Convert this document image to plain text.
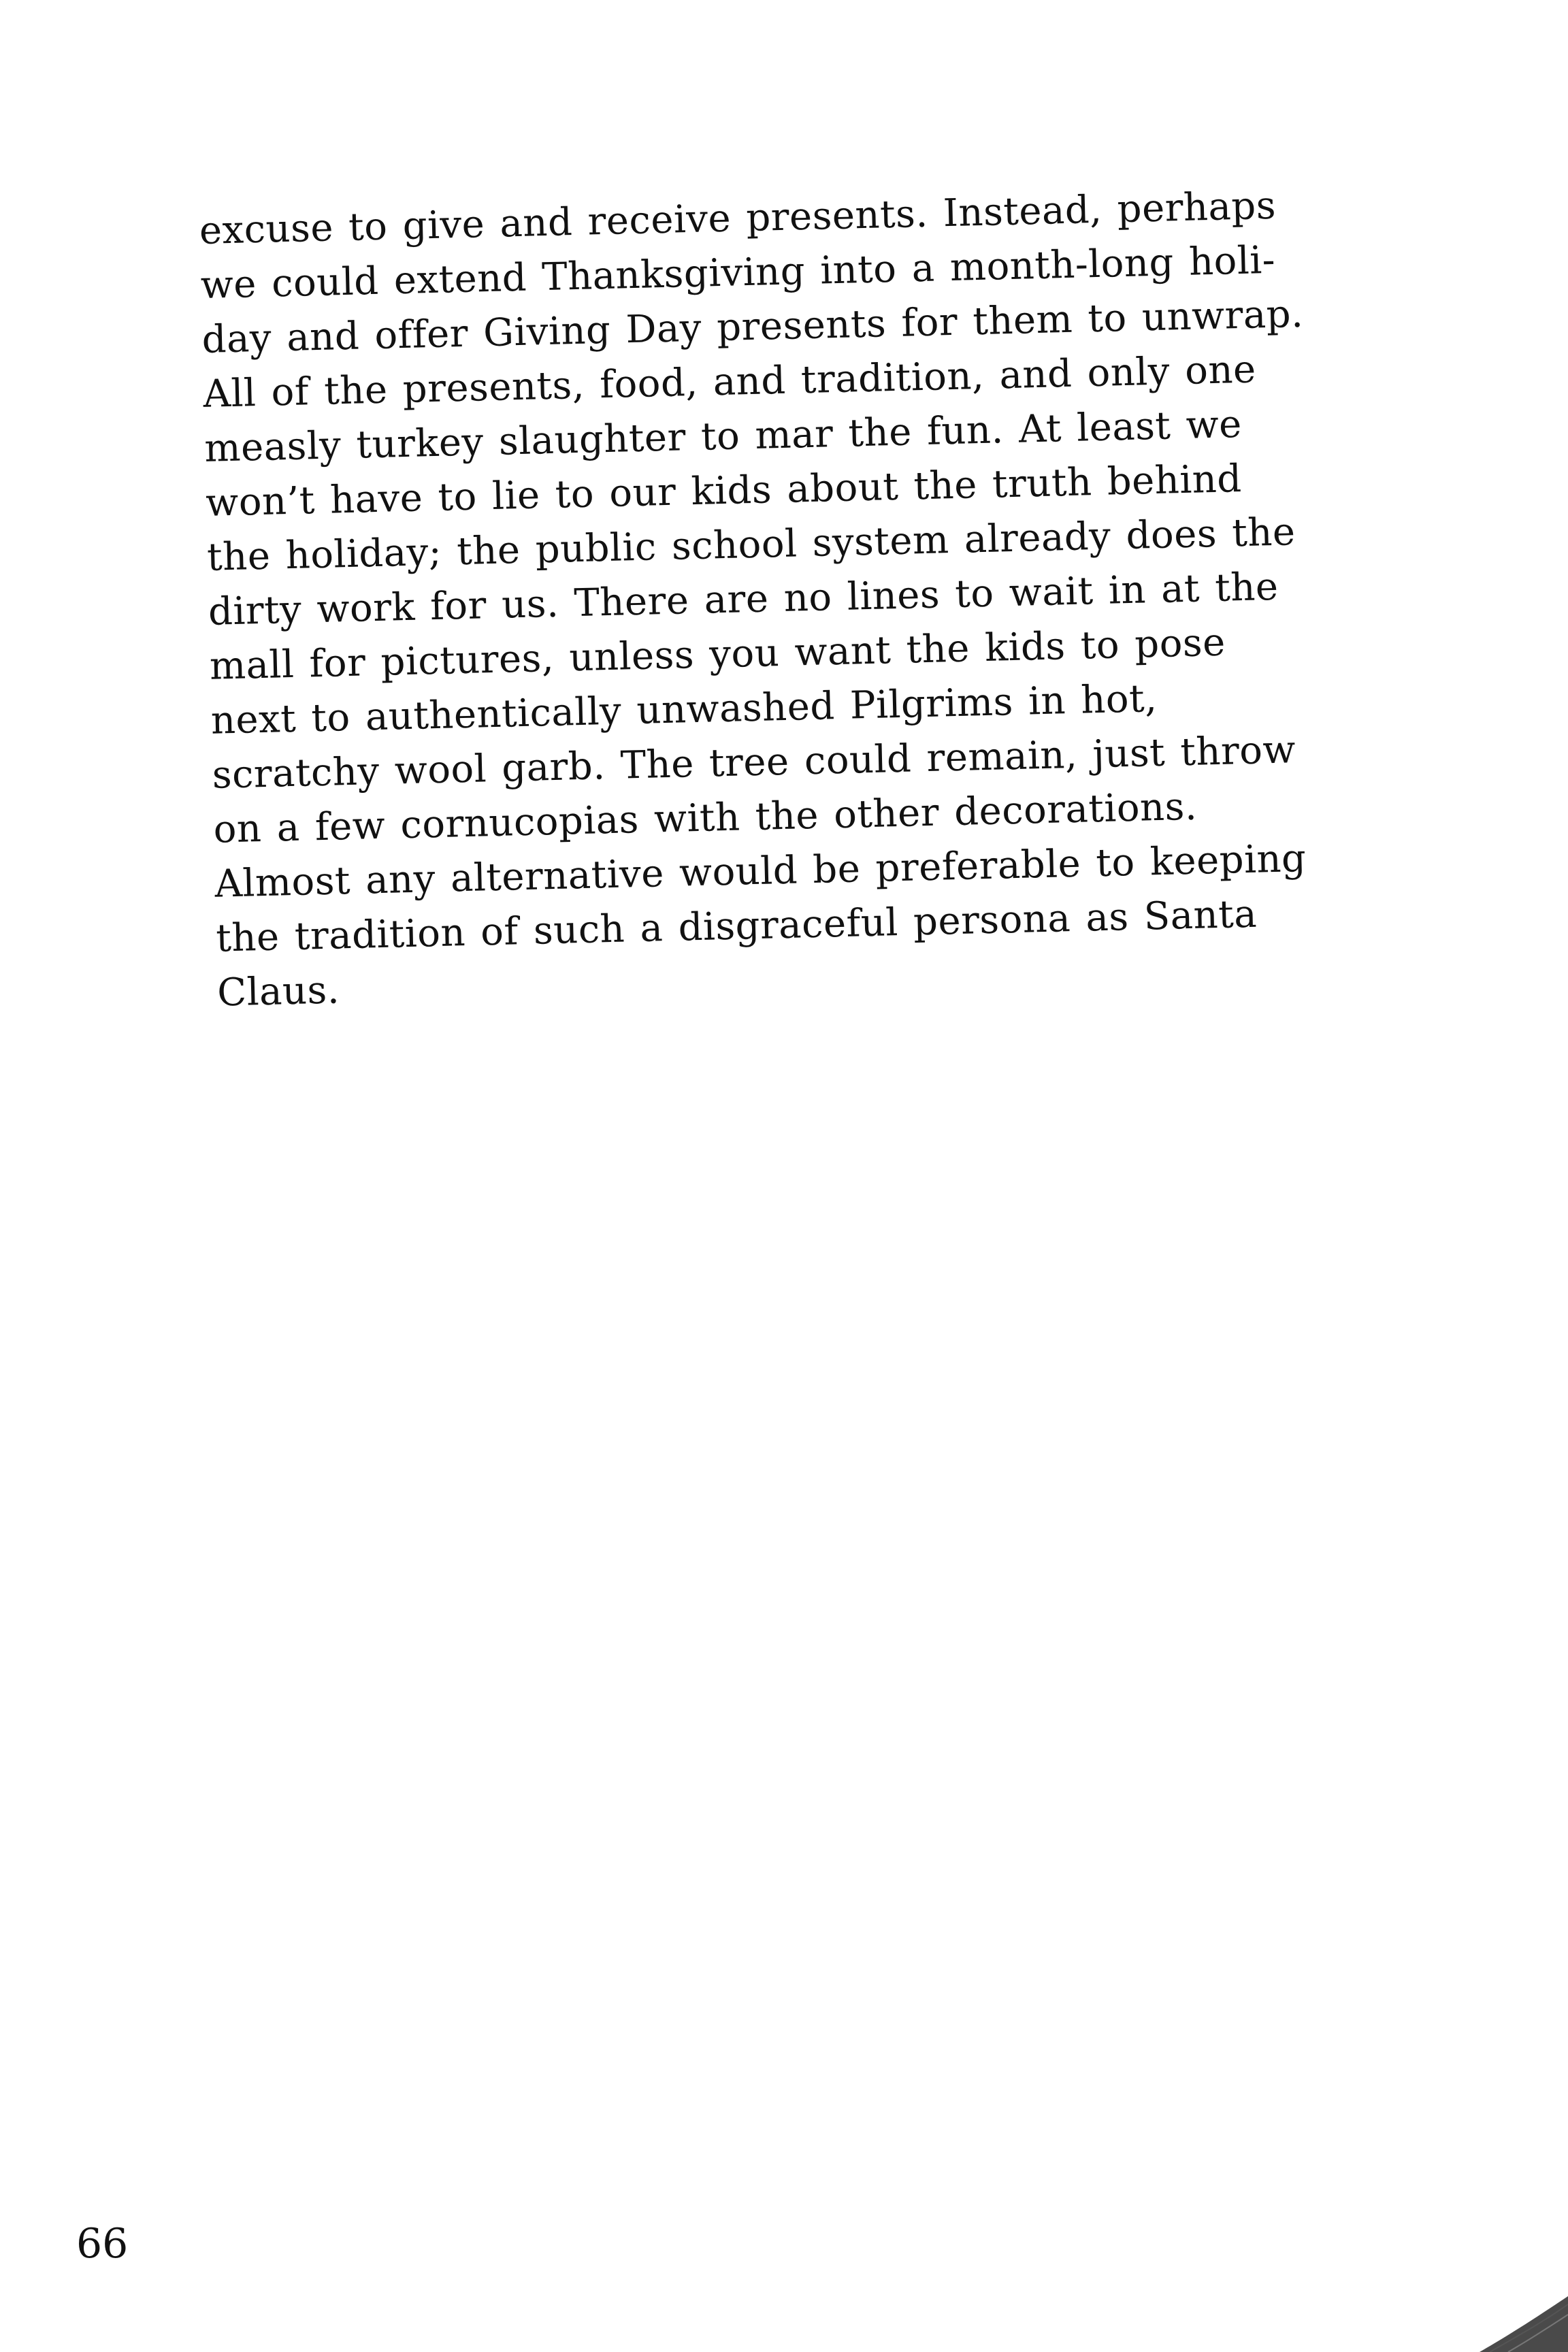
excuse to give and receive presents. Instead, perhaps
we could extend Thanksgiving into a month-long holi-
day and offer Giving Day presents for them to unwrap.
All of the presents, food, and tradition, and only one
measly turkey slaughter to mar the fun. At least we
won’t have to lie to our kids about the truth behind
the holiday; the public school system already does the
dirty work for us. There are no lines to wait in at the
mall for pictures, unless you want the kids to pose
next to authentically unwashed Pilgrims in hot,
scratchy wool garb. The tree could remain, just throw
on a few cornucopias with the other decorations.
Almost any alternative would be preferable to keeping
the tradition of such a disgraceful persona as Santa
Claus.
66
